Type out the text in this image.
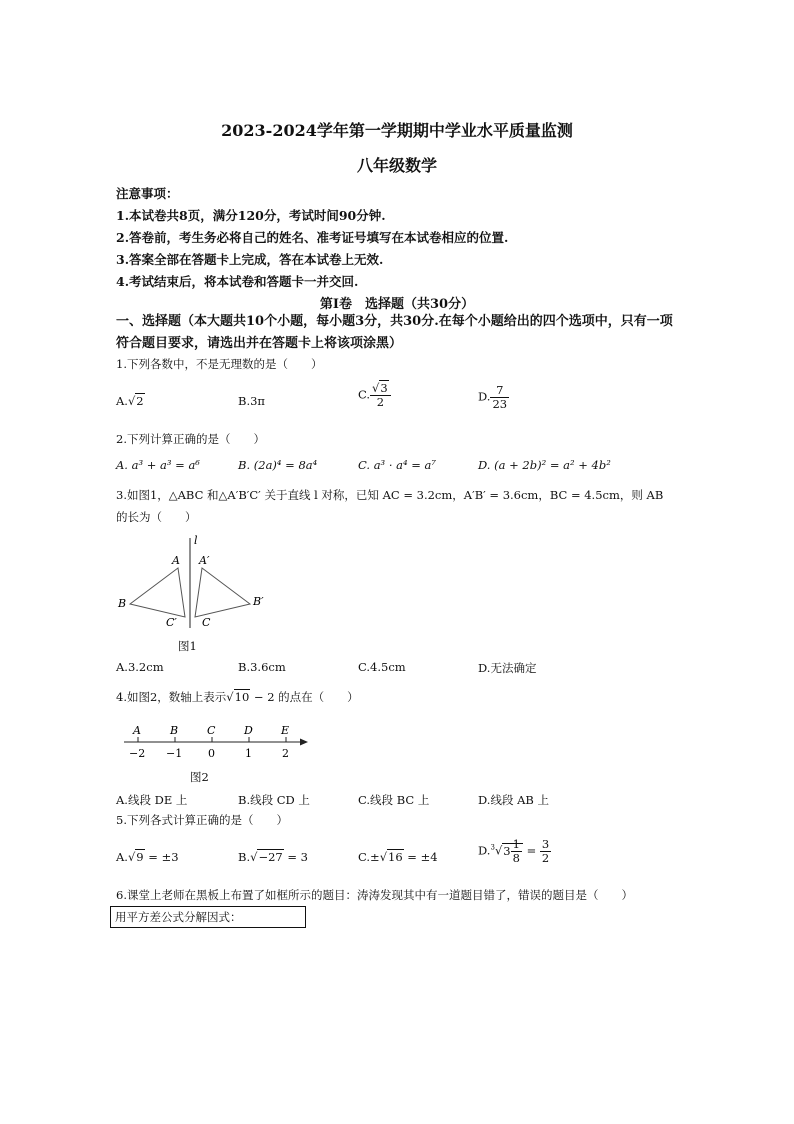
2023-2024学年第一学期期中学业水平质量监测
八年级数学
注意事项：
1.本试卷共8页，满分120分，考试时间90分钟.
2.答卷前，考生务必将自己的姓名、准考证号填写在本试卷相应的位置.
3.答案全部在答题卡上完成，答在本试卷上无效.
4.考试结束后，将本试卷和答题卡一并交回.
第Ⅰ卷　选择题（共30分）
一、选择题（本大题共10个小题，每小题3分，共30分.在每个小题给出的四个选项中，只有一项符合题目要求，请选出并在答题卡上将该项涂黑）
1.下列各数中，不是无理数的是（　　）
A.√2	B.3π	C. $\frac{√3}{2}$	D. $\frac{7}{23}$
2.下列计算正确的是（　　）
A. a³ + a³ = a⁶	B. (2a)⁴ = 8a⁴	C. a³ · a⁴ = a⁷	D. (a + 2b)² = a² + 4b²
3.如图1，△ABC 和△A′B′C′ 关于直线 l 对称，已知 AC = 3.2cm，A′B′ = 3.6cm，BC = 4.5cm，则 AB
的长为（　　）
l
A A′
B	B′
C′ C
图1
A.3.2cm	B.3.6cm	C.4.5cm	D.无法确定
4.如图2，数轴上表示√10 − 2 的点在（　　）
A	B	C	D	E
−2 −1 0	1	2
图2
A.线段 DE 上	B.线段 CD 上	C.线段 BC 上	D.线段 AB 上
5.下列各式计算正确的是（　　）
A.√9 = ±3	B.√−27 = 3	C.±√16 = ±4	$D.^3√3 \frac{1}{8} = \frac{3}{2}$
6.课堂上老师在黑板上布置了如框所示的题目：涛涛发现其中有一道题目错了，错误的题目是（　　）
用平方差公式分解因式：
